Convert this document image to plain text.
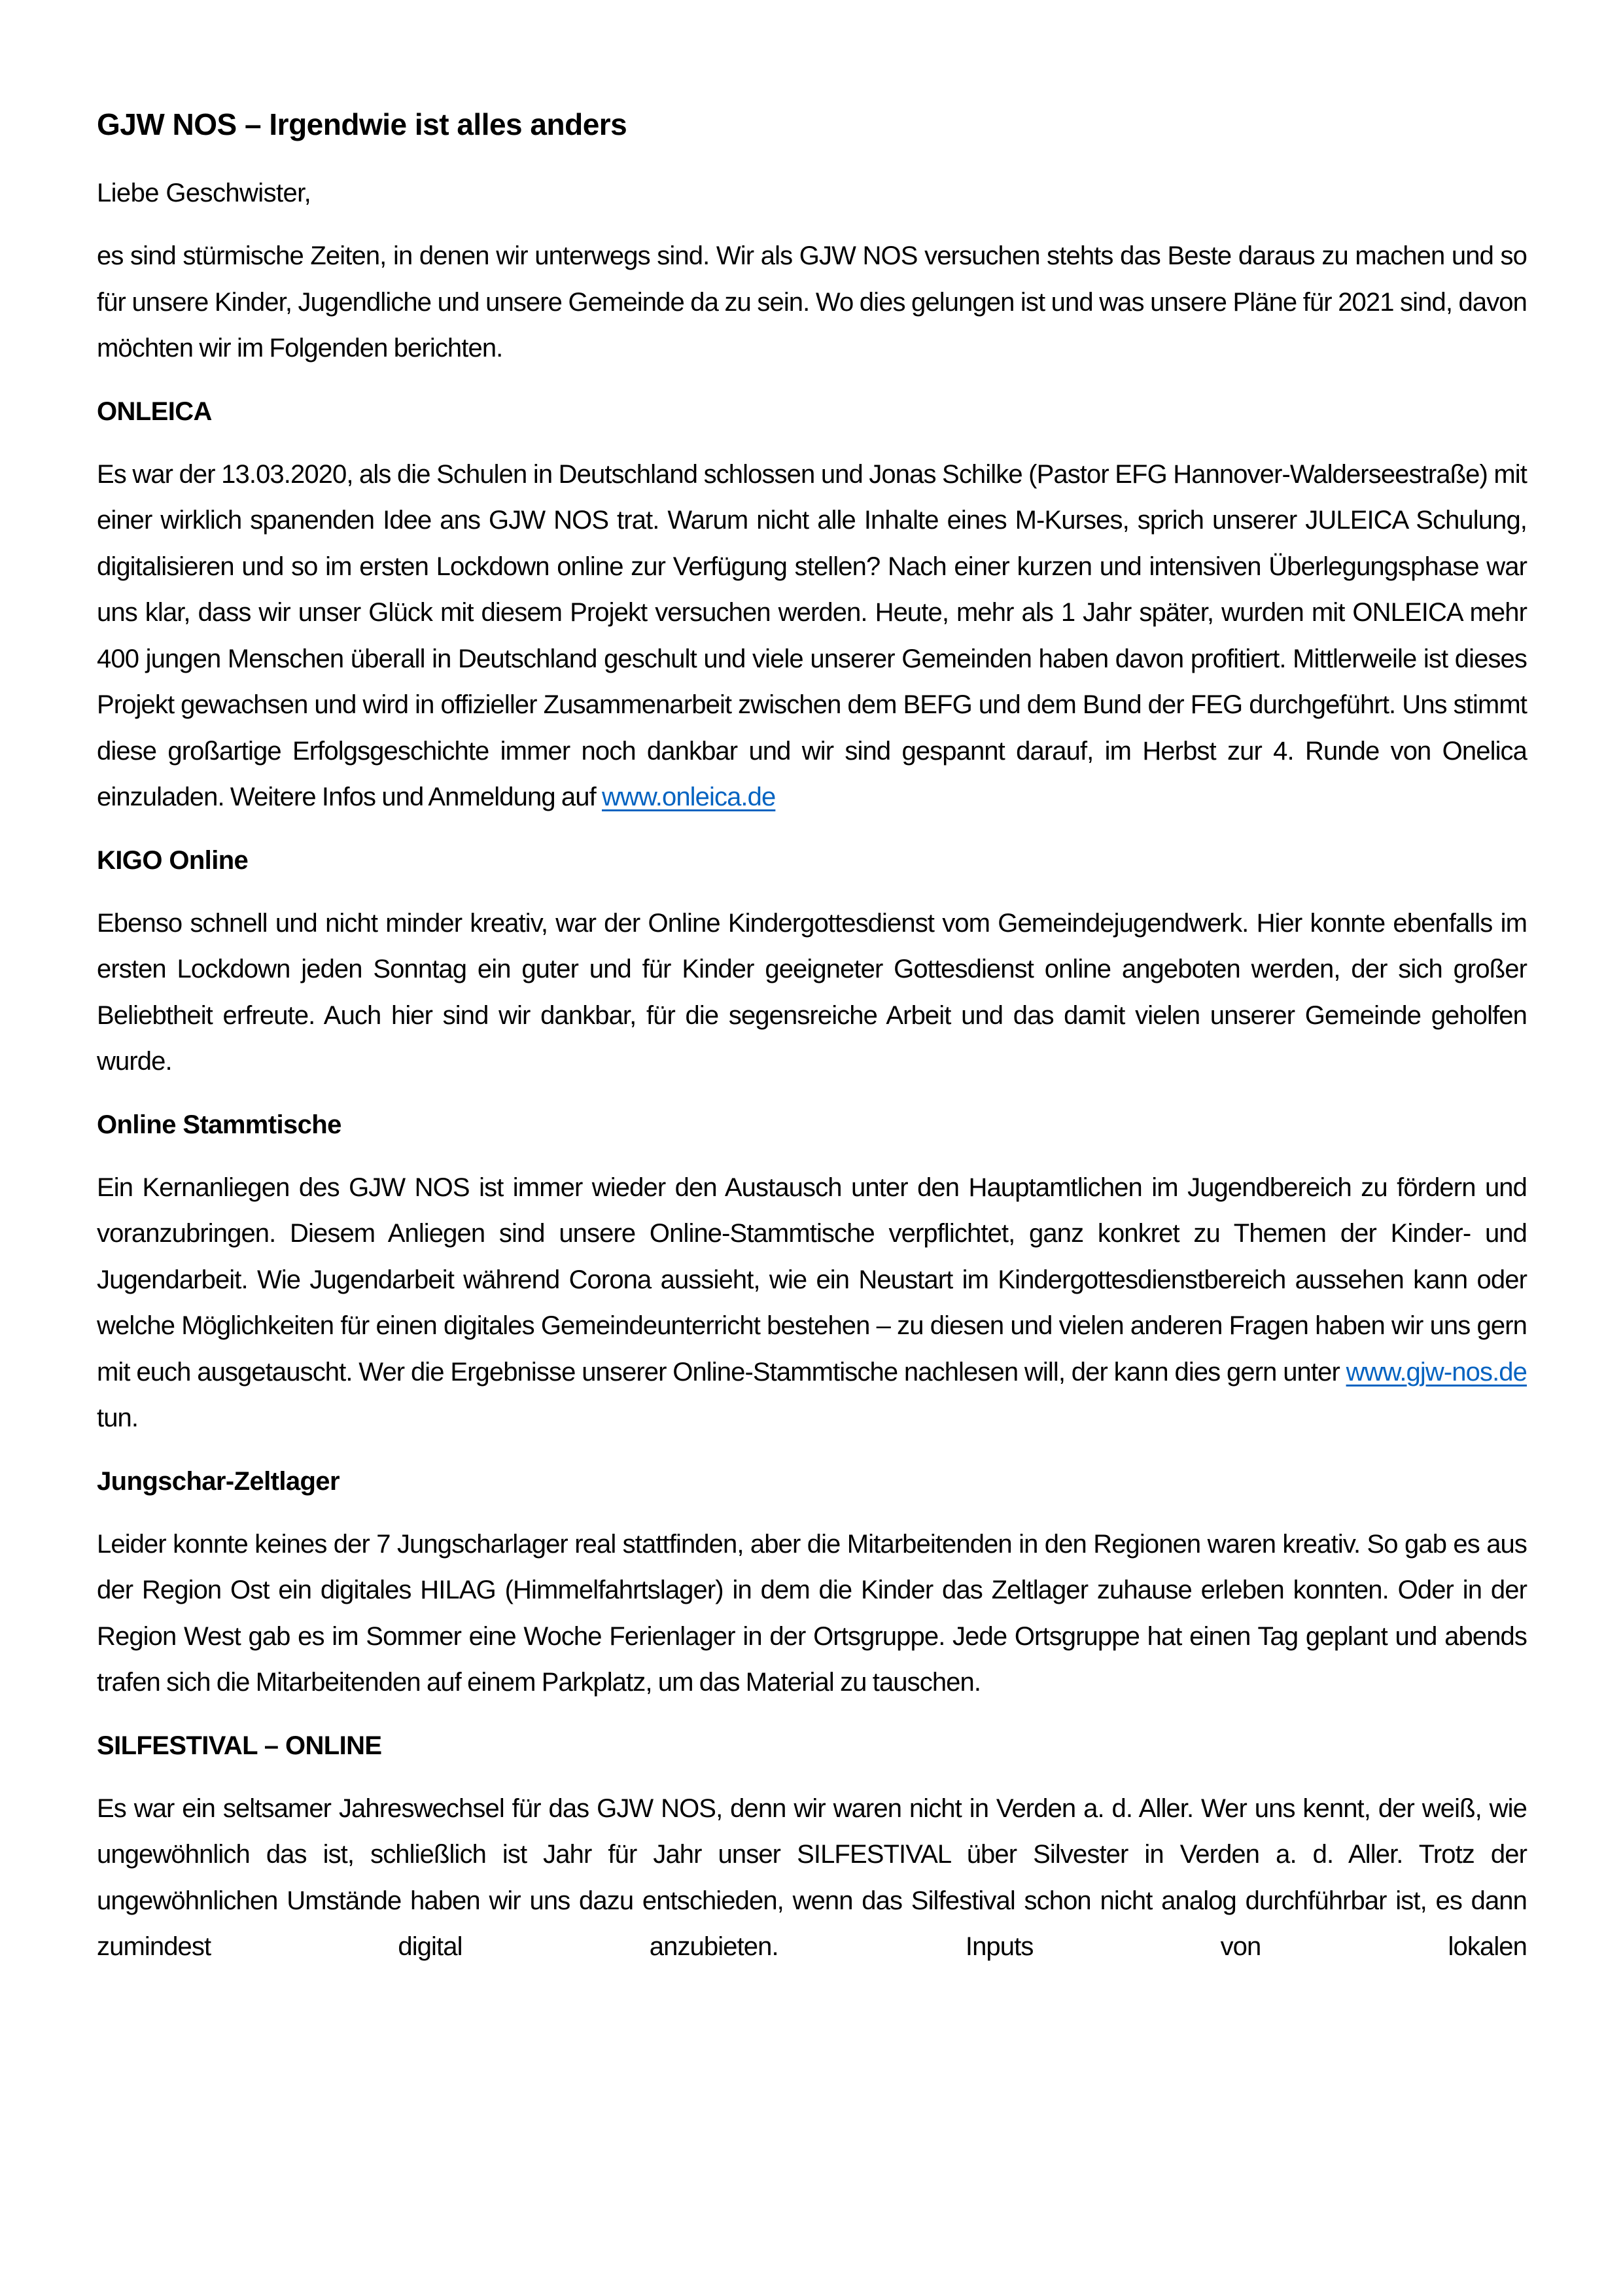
GJW NOS – Irgendwie ist alles anders

Liebe Geschwister,

es sind stürmische Zeiten, in denen wir unterwegs sind. Wir als GJW NOS versuchen stehts das Beste daraus zu machen und so für unsere Kinder, Jugendliche und unsere Gemeinde da zu sein. Wo dies gelungen ist und was unsere Pläne für 2021 sind, davon möchten wir im Folgenden berichten.

ONLEICA

Es war der 13.03.2020, als die Schulen in Deutschland schlossen und Jonas Schilke (Pastor EFG Hannover-Walderseestraße) mit einer wirklich spanenden Idee ans GJW NOS trat. Warum nicht alle Inhalte eines M-Kurses, sprich unserer JULEICA Schulung, digitalisieren und so im ersten Lockdown online zur Verfügung stellen? Nach einer kurzen und intensiven Überlegungsphase war uns klar, dass wir unser Glück mit diesem Projekt versuchen werden. Heute, mehr als 1 Jahr später, wurden mit ONLEICA mehr 400 jungen Menschen überall in Deutschland geschult und viele unserer Gemeinden haben davon profitiert. Mittlerweile ist dieses Projekt gewachsen und wird in offizieller Zusammenarbeit zwischen dem BEFG und dem Bund der FEG durchgeführt. Uns stimmt diese großartige Erfolgsgeschichte immer noch dankbar und wir sind gespannt darauf, im Herbst zur 4. Runde von Onelica einzuladen. Weitere Infos und Anmeldung auf www.onleica.de

KIGO Online

Ebenso schnell und nicht minder kreativ, war der Online Kindergottesdienst vom Gemeindejugendwerk. Hier konnte ebenfalls im ersten Lockdown jeden Sonntag ein guter und für Kinder geeigneter Gottesdienst online angeboten werden, der sich großer Beliebtheit erfreute. Auch hier sind wir dankbar, für die segensreiche Arbeit und das damit vielen unserer Gemeinde geholfen wurde.

Online Stammtische

Ein Kernanliegen des GJW NOS ist immer wieder den Austausch unter den Hauptamtlichen im Jugendbereich zu fördern und voranzubringen. Diesem Anliegen sind unsere Online-Stammtische verpflichtet, ganz konkret zu Themen der Kinder- und Jugendarbeit. Wie Jugendarbeit während Corona aussieht, wie ein Neustart im Kindergottesdienstbereich aussehen kann oder welche Möglichkeiten für einen digitales Gemeindeunterricht bestehen – zu diesen und vielen anderen Fragen haben wir uns gern mit euch ausgetauscht. Wer die Ergebnisse unserer Online-Stammtische nachlesen will, der kann dies gern unter www.gjw-nos.de tun.

Jungschar-Zeltlager

Leider konnte keines der 7 Jungscharlager real stattfinden, aber die Mitarbeitenden in den Regionen waren kreativ. So gab es aus der Region Ost ein digitales HILAG (Himmelfahrtslager) in dem die Kinder das Zeltlager zuhause erleben konnten. Oder in der Region West gab es im Sommer eine Woche Ferienlager in der Ortsgruppe. Jede Ortsgruppe hat einen Tag geplant und abends trafen sich die Mitarbeitenden auf einem Parkplatz, um das Material zu tauschen.

SILFESTIVAL – ONLINE

Es war ein seltsamer Jahreswechsel für das GJW NOS, denn wir waren nicht in Verden a. d. Aller. Wer uns kennt, der weiß, wie ungewöhnlich das ist, schließlich ist Jahr für Jahr unser SILFESTIVAL über Silvester in Verden a. d. Aller. Trotz der ungewöhnlichen Umstände haben wir uns dazu entschieden, wenn das Silfestival schon nicht analog durchführbar ist, es dann zumindest digital anzubieten. Inputs von lokalen
